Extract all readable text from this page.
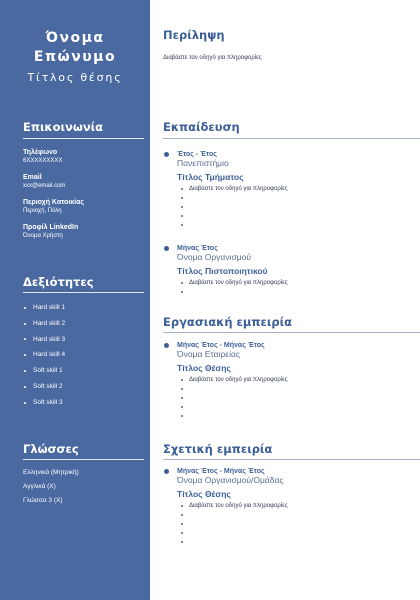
Όνομα
Επώνυμο
Τίτλος θέσης
Επικοινωνία
Τηλέφωνο
6XXXXXXXXX
Email
xxx@email.com
Περιοχή Κατοικίας
Περιοχή, Πόλη
Προφίλ LinkedIn
Όνομα Χρήστη
Δεξιότητες
Hard skill 1
Hard skill 2
Hard skill 3
Hard skill 4
Soft skill 1
Soft skill 2
Soft skill 3
Γλώσσες
Ελληνικά (Μητρική)
Αγγλικά (X)
Γλώσσα 3 (X)
Περίληψη
Διαβάστε τον οδηγό για πληροφορίες
Εκπαίδευση
Έτος - Έτος
Πανεπιστήμιο
Τίτλος Τμήματος
Διαβάστε τον οδηγό για πληροφορίες
Μήνας Έτος
Όνομα Οργανισμού
Τίτλος Πιστοποιητικού
Διαβάστε τον οδηγό για πληροφορίες
Εργασιακή εμπειρία
Μήνας Έτος - Μήνας Έτος
Όνομα Εταιρείας
Τίτλος Θέσης
Διαβάστε τον οδηγό για πληροφορίες
Σχετική εμπειρία
Μήνας Έτος - Μήνας Έτος
Όνομα Οργανισμού/Ομάδας
Τίτλος Θέσης
Διαβάστε τον οδηγό για πληροφορίες
